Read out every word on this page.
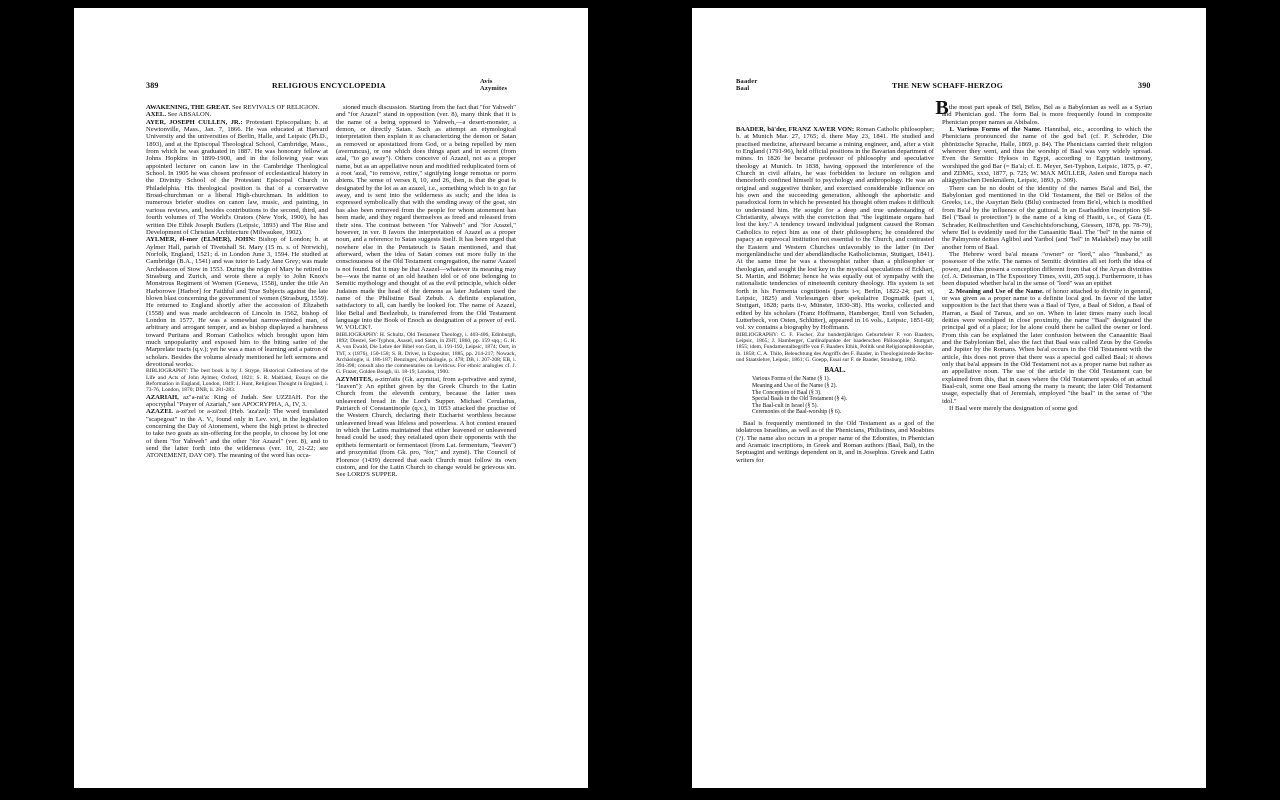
389	RELIGIOUS ENCYCLOPEDIA	Avis
Azymites

AWAKENING, THE GREAT. See REVIVALS OF RELIGION.

AXEL. See ABSALON.

AYER, JOSEPH CULLEN, JR.: Protestant Episcopalian; b. at Newtonville, Mass., Jan. 7, 1866. He was educated at Harvard University and the universities of Berlin, Halle, and Leipsic (Ph.D., 1893), and at the Episcopal Theological School, Cambridge, Mass., from which he was graduated in 1887. He was honorary fellow at Johns Hopkins in 1899-1900, and in the following year was appointed lecturer on canon law in the Cambridge Theological School. In 1905 he was chosen professor of ecclesiastical history in the Divinity School of the Protestant Episcopal Church in Philadelphia. His theological position is that of a conservative Broad-churchman or a liberal High-churchman. In addition to numerous briefer studies on canon law, music, and painting, in various reviews, and, besides contributions to the second, third, and fourth volumes of The World's Orators (New York, 1900), he has written Die Ethik Joseph Butlers (Leipsic, 1893) and The Rise and Development of Christian Architecture (Milwaukee, 1902).

AYLMER, ēl-mer (ELMER), JOHN: Bishop of London; b. at Aylmer Hall, parish of Tivetshall St. Mary (15 m. s. of Norwich), Norfolk, England, 1521; d. in London June 3, 1594. He studied at Cambridge (B.A., 1541) and was tutor to Lady Jane Grey; was made Archdeacon of Stow in 1553. During the reign of Mary he retired to Strasburg and Zurich, and wrote there a reply to John Knox's Monstrous Regiment of Women (Geneva, 1558), under the title An Harborowe [Harbor] for Faithful and True Subjects against the late blown blast concerning the government of women (Strasburg, 1559). He returned to England shortly after the accession of Elizabeth (1558) and was made archdeacon of Lincoln in 1562, bishop of London in 1577. He was a somewhat narrow-minded man, of arbitrary and arrogant temper, and as bishop displayed a harshness toward Puritans and Roman Catholics which brought upon him much unpopularity and exposed him to the biting satire of the Marprelate tracts (q.v.); yet he was a man of learning and a patron of scholars. Besides the volume already mentioned he left sermons and devotional works.

BIBLIOGRAPHY: The best book is by J. Strype, Historical Collections of the Life and Acts of John Aylmer, Oxford, 1821; S. R. Maitland, Essays on the Reformation in England, London, 1849; J. Hunt, Religious Thought in England, i. 73-76, London, 1870; DNB, ii. 281-283.

AZARIAH, az"a-rai'a: King of Judah. See UZZIAH. For the apocryphal "Prayer of Azariah," see APOCRYPHA, A, IV, 3.

AZAZEL a-zē'zel or a-zā'zel (Heb. 'aza'zel): The word translated "scapegoat" in the A. V., found only in Lev. xvi, in the legislation concerning the Day of Atonement, where the high priest is directed to take two goats as sin-offering for the people, to choose by lot one of them "for Yahweh" and the other "for Azazel" (ver. 8), and to send the latter forth into the wilderness (ver. 10, 21-22; see ATONEMENT, DAY OF). The meaning of the word has occa-

sioned much discussion. Starting from the fact that "for Yahweh" and "for Azazel" stand in opposition (ver. 8), many think that it is the name of a being opposed to Yahweh,—a desert-monster, a demon, or directly Satan. Such as attempt an etymological interpretation then explain it as characterizing the demon or Satan as removed or apostatized from God, or a being repelled by men (averruncus), or one which does things apart and in secret (from azal, "to go away"). Others conceive of Azazel, not as a proper name, but as an appellative noun and modified reduplicated form of a root 'azal, "to remove, retire," signifying longe remotus or porro abiens. The sense of verses 8, 10, and 26, then, is that the goat is designated by the lot as an azazel, i.e., something which is to go far away, and is sent into the wilderness as such; and the idea is expressed symbolically that with the sending away of the goat, sin has also been removed from the people for whom atonement has been made, and they regard themselves as freed and released from their sins. The contrast between "for Yahweh" and "for Azazel," however, in ver. 8 favors the interpretation of Azazel as a proper noun, and a reference to Satan suggests itself. It has been urged that nowhere else in the Pentateuch is Satan mentioned, and that afterward, when the idea of Satan comes out more fully in the consciousness of the Old Testament congregation, the name Azazel is not found. But it may be that Azazel—whatever its meaning may be—was the name of an old heathen idol or of one belonging to Semitic mythology and thought of as the evil principle, which older Judaism made the head of the demons as later Judaism used the name of the Philistine Baal Zebub. A definite explanation, satisfactory to all, can hardly be looked for. The name of Azazel, like Belial and Beelzebub, is transferred from the Old Testament language into the Book of Enoch as designation of a power of evil. W. VOLCK†.

BIBLIOGRAPHY: H. Schultz, Old Testament Theology, i. 403-406, Edinburgh, 1892; Diestel, Set-Typhon, Asasel, und Satan, in ZHT, 1860, pp. 159 sqq.; G. H. A. von Ewald, Die Lehre der Bibel von Gott, ii. 191-192, Leipsic, 1874; Oort, in ThT, x (1876), 150-158; S. R. Driver, in Expositor, 1885, pp. 214-217; Nowack, Archäologie, ii. 186-187; Benzinger, Archäologie, p. 478; DB, i. 207-208; EB, i. 394-398; consult also the commentaries on Leviticus. For ethnic analogies cf. J. G. Frazer, Golden Bough, iii. 18-19, London, 1900.

AZYMITES, a-zim'aits (Gk. azymitai, from a-privative and zymē, "leaven"): An epithet given by the Greek Church to the Latin Church from the eleventh century, because the latter uses unleavened bread in the Lord's Supper. Michael Cerularius, Patriarch of Constantinople (q.v.), in 1053 attacked the practise of the Western Church, declaring their Eucharist worthless because unleavened bread was lifeless and powerless. A hot contest ensued in which the Latins maintained that either leavened or unleavened bread could be used; they retaliated upon their opponents with the epithets fermentarii or fermentacei (from Lat. fermentum, "leaven") and prozymitai (from Gk. pro, "for," and zymē). The Council of Florence (1439) decreed that each Church must follow its own custom, and for the Latin Church to change would be grievous sin. See LORD'S SUPPER.

Baader
Baal	THE NEW SCHAFF-HERZOG	390

BAADER, bā'der, FRANZ XAVER VON: Roman Catholic philosopher; b. at Munich Mar. 27, 1765; d. there May 23, 1841. He studied and practised medicine, afterward became a mining engineer, and, after a visit to England (1791-96), held official positions in the Bavarian department of mines. In 1826 he became professor of philosophy and speculative theology at Munich. In 1838, having opposed the interference of the Church in civil affairs, he was forbidden to lecture on religion and thenceforth confined himself to psychology and anthropology. He was an original and suggestive thinker, and exercised considerable influence on his own and the succeeding generation, although the aphoristic and paradoxical form in which he presented his thought often makes it difficult to understand him. He sought for a deep and true understanding of Christianity, always with the conviction that "the legitimate organs had lost the key." A tendency toward individual judgment caused the Roman Catholics to reject him as one of their philosophers; he considered the papacy an equivocal institution not essential to the Church, and contrasted the Eastern and Western Churches unfavorably to the latter (in Der morgenländische und der abendländische Katholicismus, Stuttgart, 1841). At the same time he was a theosophist rather than a philosopher or theologian, and sought the lost key in the mystical speculations of Eckhart, St. Martin, and Böhme; hence he was equally out of sympathy with the rationalistic tendencies of nineteenth century theology. His system is set forth in his Fermenta cognitionis (parts i-v, Berlin, 1822-24; part vi, Leipsic, 1825) and Vorlesungen über spekulative Dogmatik (part i, Stuttgart, 1828; parts ii-v, Münster, 1830-38). His works, collected and edited by his scholars (Franz Hoffmann, Hamberger, Emil von Schaden, Lutterbeck, von Osten, Schlütter), appeared in 16 vols., Leipsic, 1851-60; vol. xv contains a biography by Hoffmann.

BIBLIOGRAPHY: C. F. Fischer, Zur hundertjährigen Geburtsfeier F. von Baaders, Leipsic, 1865; J. Hamberger, Cardinalpunkte der baaderschen Philosophie, Stuttgart, 1855; idem, Fundamentalbegriffe von F. Baaders Ethik, Politik und Religionsphilosophie, ib. 1858; C. A. Thilo, Beleuchtung des Angriffs des F. Baader, in Theologisirende Rechts- und Staatslehre, Leipsic, 1861; G. Goepp, Essai sur F. de Baader, Strasburg, 1862.

BAAL.
Various Forms of the Name (§ 1).
Meaning and Use of the Name (§ 2).
The Conception of Baal (§ 3).
Special Baals in the Old Testament (§ 4).
The Baal-cult in Israel (§ 5).
Ceremonies of the Baal-worship (§ 6).

Baal is frequently mentioned in the Old Testament as a god of the idolatrous Israelites, as well as of the Phenicians, Philistines, and Moabites (?). The name also occurs in a proper name of the Edomites, in Phenician and Aramaic inscriptions, in Greek and Roman authors (Baal, Bal), in the Septuagint and writings dependent on it, and in Josephus. Greek and Latin writers for

the most part speak of Bēl, Bēlos, Bel as a Babylonian as well as a Syrian and Phenician god. The form Bal is more frequently found in composite Phenician proper names as Abibalos.

1. Various Forms of the Name. Hannibal, etc., according to which the Phenicians pronounced the name of the god ba'l (cf. P. Schröder, Die phönizische Sprache, Halle, 1869, p. 84). The Phenicians carried their religion wherever they went, and thus the worship of Baal was very widely spread. Even the Semitic Hyksos in Egypt, according to Egyptian testimony, worshiped the god Bar (= Ba'al; cf. E. Meyer, Set-Typhon, Leipsic, 1875, p. 47, and ZDMG, xxxi, 1877, p. 725; W. MAX MÜLLER, Asien und Europa nach altägyptischen Denkmälern, Leipsic, 1893, p. 309).

There can be no doubt of the identity of the names Ba'al and Bel, the Babylonian god mentioned in the Old Testament, the Bēl or Bēlos of the Greeks, i.e., the Assyrian Belu (Bilu) contracted from Be'el, which is modified from Ba'al by the influence of the guttural. In an Esarhaddon inscription Ṣil-Bel ("Baal is protection") is the name of a king of Hasiti, i.e., of Gaza (E. Schrader, Keilinschriften und Geschichtsforschung, Giessen, 1878, pp. 78-79), where Bel is evidently used for the Canaanitic Baal. The "bel" in the name of the Palmyrene deities Aglibol and Yaribol (and "bel" in Malakbel) may be still another form of Baal.

The Hebrew word ba'al means "owner" or "lord," also "husband," as possessor of the wife. The names of Semitic divinities all set forth the idea of power, and thus present a conception different from that of the Aryan divinities (cf. A. Deissman, in The Expository Times, xviii, 205 sqq.). Furthermore, it has been disputed whether ba'al in the sense of "lord" was an epithet

2. Meaning and Use of the Name. of honor attached to divinity in general, or was given as a proper name to a definite local god. In favor of the latter supposition is the fact that there was a Baal of Tyre, a Baal of Sidon, a Baal of Harran, a Baal of Tarsus, and so on. When in later times many such local deities were worshiped in close proximity, the name "Baal" designated the principal god of a place; for he alone could there be called the owner or lord. From this can be explained the later confusion between the Canaanitic Baal and the Babylonian Bel, also the fact that Baal was called Zeus by the Greeks and Jupiter by the Romans. When ba'al occurs in the Old Testament with the article, this does not prove that there was a special god called Baal; it shows only that ba'al appears in the Old Testament not as a proper name but rather as an appellative noun. The use of the article in the Old Testament can be explained from this, that in cases where the Old Testament speaks of an actual Baal-cult, some one Baal among the many is meant; the later Old Testament usage, especially that of Jeremiah, employed "the baal" in the sense of "the idol."

If Baal were merely the designation of some god

B
